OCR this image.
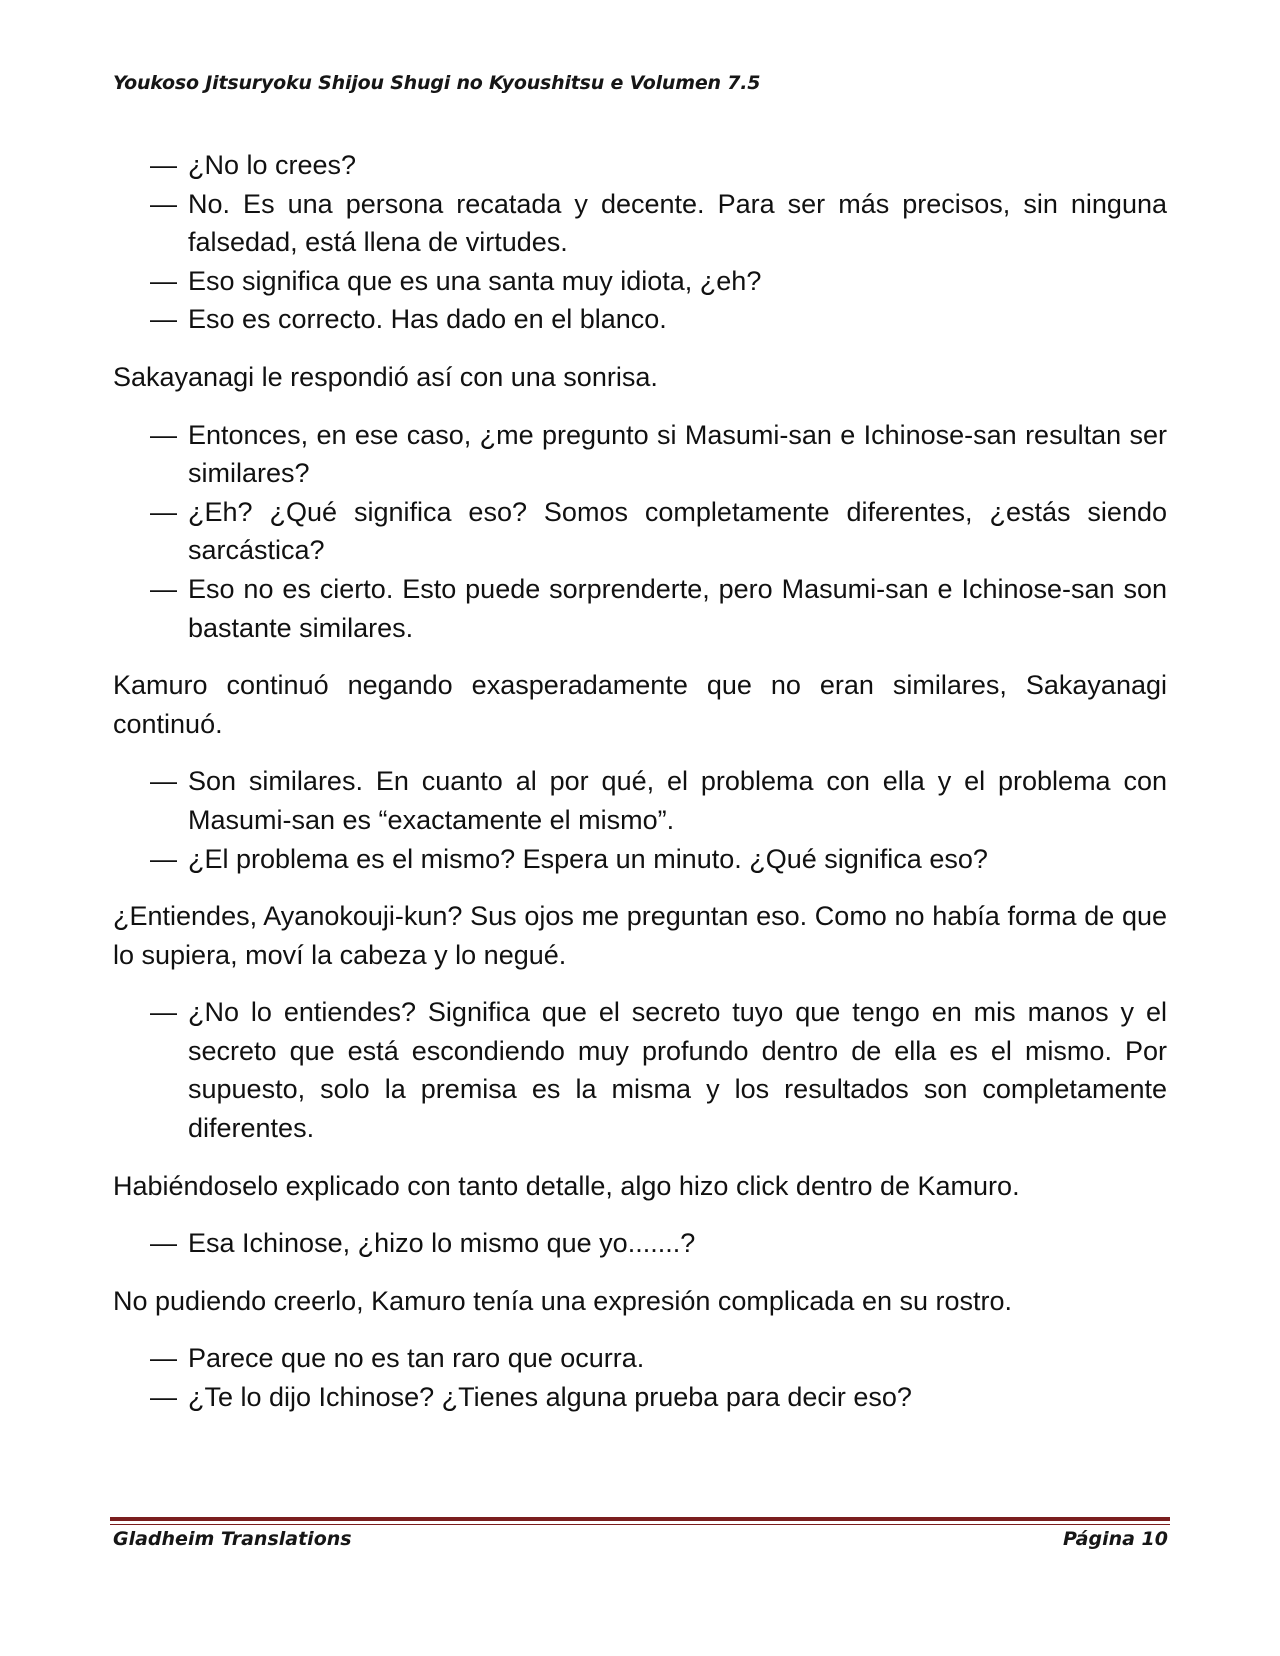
Youkoso Jitsuryoku Shijou Shugi no Kyoushitsu e Volumen 7.5
— ¿No lo crees?
— No. Es una persona recatada y decente. Para ser más precisos, sin ninguna falsedad, está llena de virtudes.
— Eso significa que es una santa muy idiota, ¿eh?
— Eso es correcto. Has dado en el blanco.
Sakayanagi le respondió así con una sonrisa.
— Entonces, en ese caso, ¿me pregunto si Masumi-san e Ichinose-san resultan ser similares?
— ¿Eh? ¿Qué significa eso? Somos completamente diferentes, ¿estás siendo sarcástica?
— Eso no es cierto. Esto puede sorprenderte, pero Masumi-san e Ichinose-san son bastante similares.
Kamuro continuó negando exasperadamente que no eran similares, Sakayanagi continuó.
— Son similares. En cuanto al por qué, el problema con ella y el problema con Masumi-san es “exactamente el mismo”.
— ¿El problema es el mismo? Espera un minuto. ¿Qué significa eso?
¿Entiendes, Ayanokouji-kun? Sus ojos me preguntan eso. Como no había forma de que lo supiera, moví la cabeza y lo negué.
— ¿No lo entiendes? Significa que el secreto tuyo que tengo en mis manos y el secreto que está escondiendo muy profundo dentro de ella es el mismo. Por supuesto, solo la premisa es la misma y los resultados son completamente diferentes.
Habiéndoselo explicado con tanto detalle, algo hizo click dentro de Kamuro.
— Esa Ichinose, ¿hizo lo mismo que yo.......?
No pudiendo creerlo, Kamuro tenía una expresión complicada en su rostro.
— Parece que no es tan raro que ocurra.
— ¿Te lo dijo Ichinose? ¿Tienes alguna prueba para decir eso?
Gladheim Translations	Página 10
